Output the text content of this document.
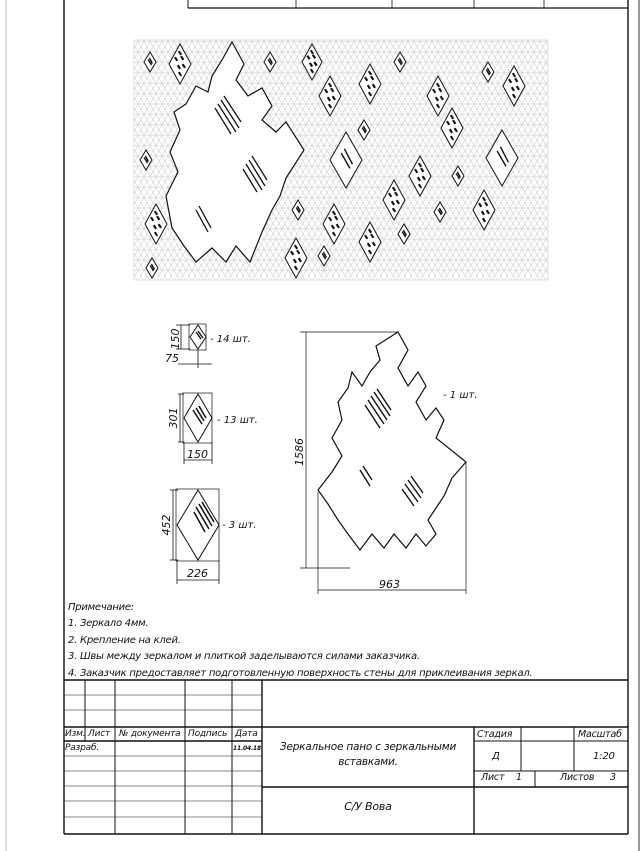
150
75
- 14 шт.
301
150
- 13 шт.
452
226
- 3 шт.
1586
963
- 1 шт.
Примечание:
1. Зеркало 4мм.
2. Крепление на клей.
3. Швы между зеркалом и плиткой заделываются силами заказчика.
4. Заказчик предоставляет подготовленную поверхность стены для приклеивания зеркал.
Изм. Лист № документа Подпись Дата
Разраб.	11.04.18	Зеркальное пано с зеркальными
вставками.
Стадия
Д
Масштаб
1:20
Лист 1	Листов 3
С/У Вова
